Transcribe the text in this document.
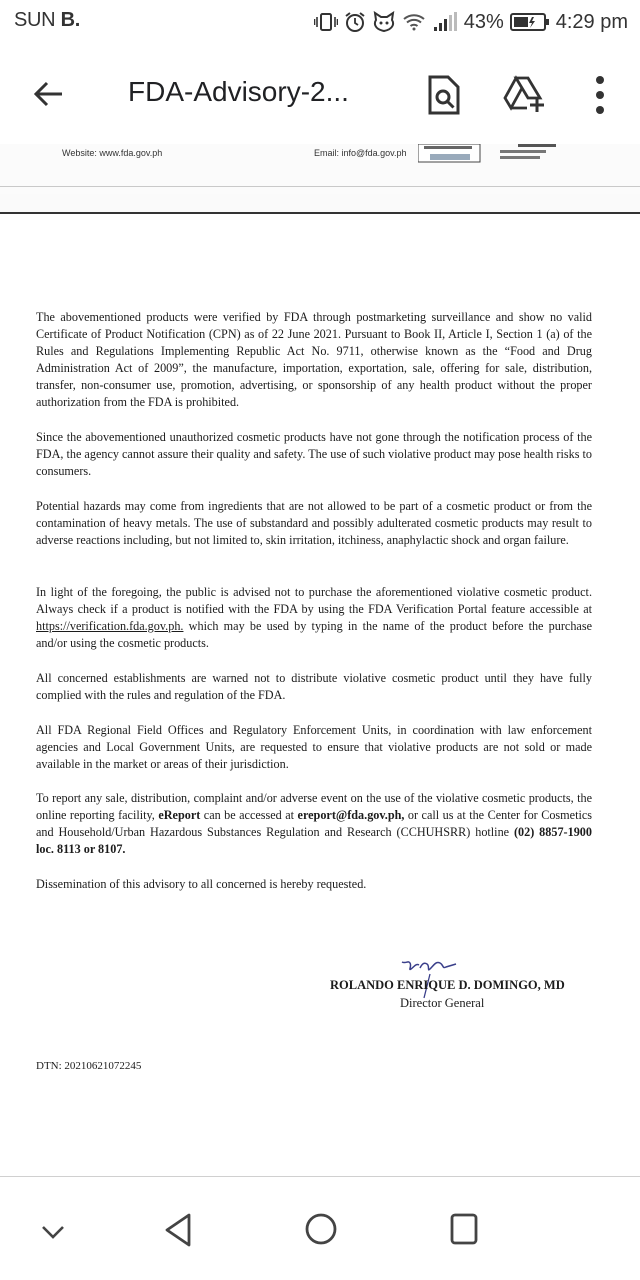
SUN B.	43%	4:29 pm
FDA-Advisory-2...
Website: www.fda.gov.ph	Email: info@fda.gov.ph

The abovementioned products were verified by FDA through postmarketing surveillance and show no valid Certificate of Product Notification (CPN) as of 22 June 2021. Pursuant to Book II, Article I, Section 1 (a) of the Rules and Regulations Implementing Republic Act No. 9711, otherwise known as the “Food and Drug Administration Act of 2009”, the manufacture, importation, exportation, sale, offering for sale, distribution, transfer, non-consumer use, promotion, advertising, or sponsorship of any health product without the proper authorization from the FDA is prohibited.

Since the abovementioned unauthorized cosmetic products have not gone through the notification process of the FDA, the agency cannot assure their quality and safety. The use of such violative product may pose health risks to consumers.

Potential hazards may come from ingredients that are not allowed to be part of a cosmetic product or from the contamination of heavy metals. The use of substandard and possibly adulterated cosmetic products may result to adverse reactions including, but not limited to, skin irritation, itchiness, anaphylactic shock and organ failure.

In light of the foregoing, the public is advised not to purchase the aforementioned violative cosmetic product. Always check if a product is notified with the FDA by using the FDA Verification Portal feature accessible at https://verification.fda.gov.ph. which may be used by typing in the name of the product before the purchase and/or using the cosmetic products.

All concerned establishments are warned not to distribute violative cosmetic product until they have fully complied with the rules and regulation of the FDA.

All FDA Regional Field Offices and Regulatory Enforcement Units, in coordination with law enforcement agencies and Local Government Units, are requested to ensure that violative products are not sold or made available in the market or areas of their jurisdiction.

To report any sale, distribution, complaint and/or adverse event on the use of the violative cosmetic products, the online reporting facility, eReport can be accessed at ereport@fda.gov.ph, or call us at the Center for Cosmetics and Household/Urban Hazardous Substances Regulation and Research (CCHUHSRR) hotline (02) 8857-1900 loc. 8113 or 8107.

Dissemination of this advisory to all concerned is hereby requested.

ROLANDO ENRIQUE D. DOMINGO, MD
Director General
DTN: 20210621072245
